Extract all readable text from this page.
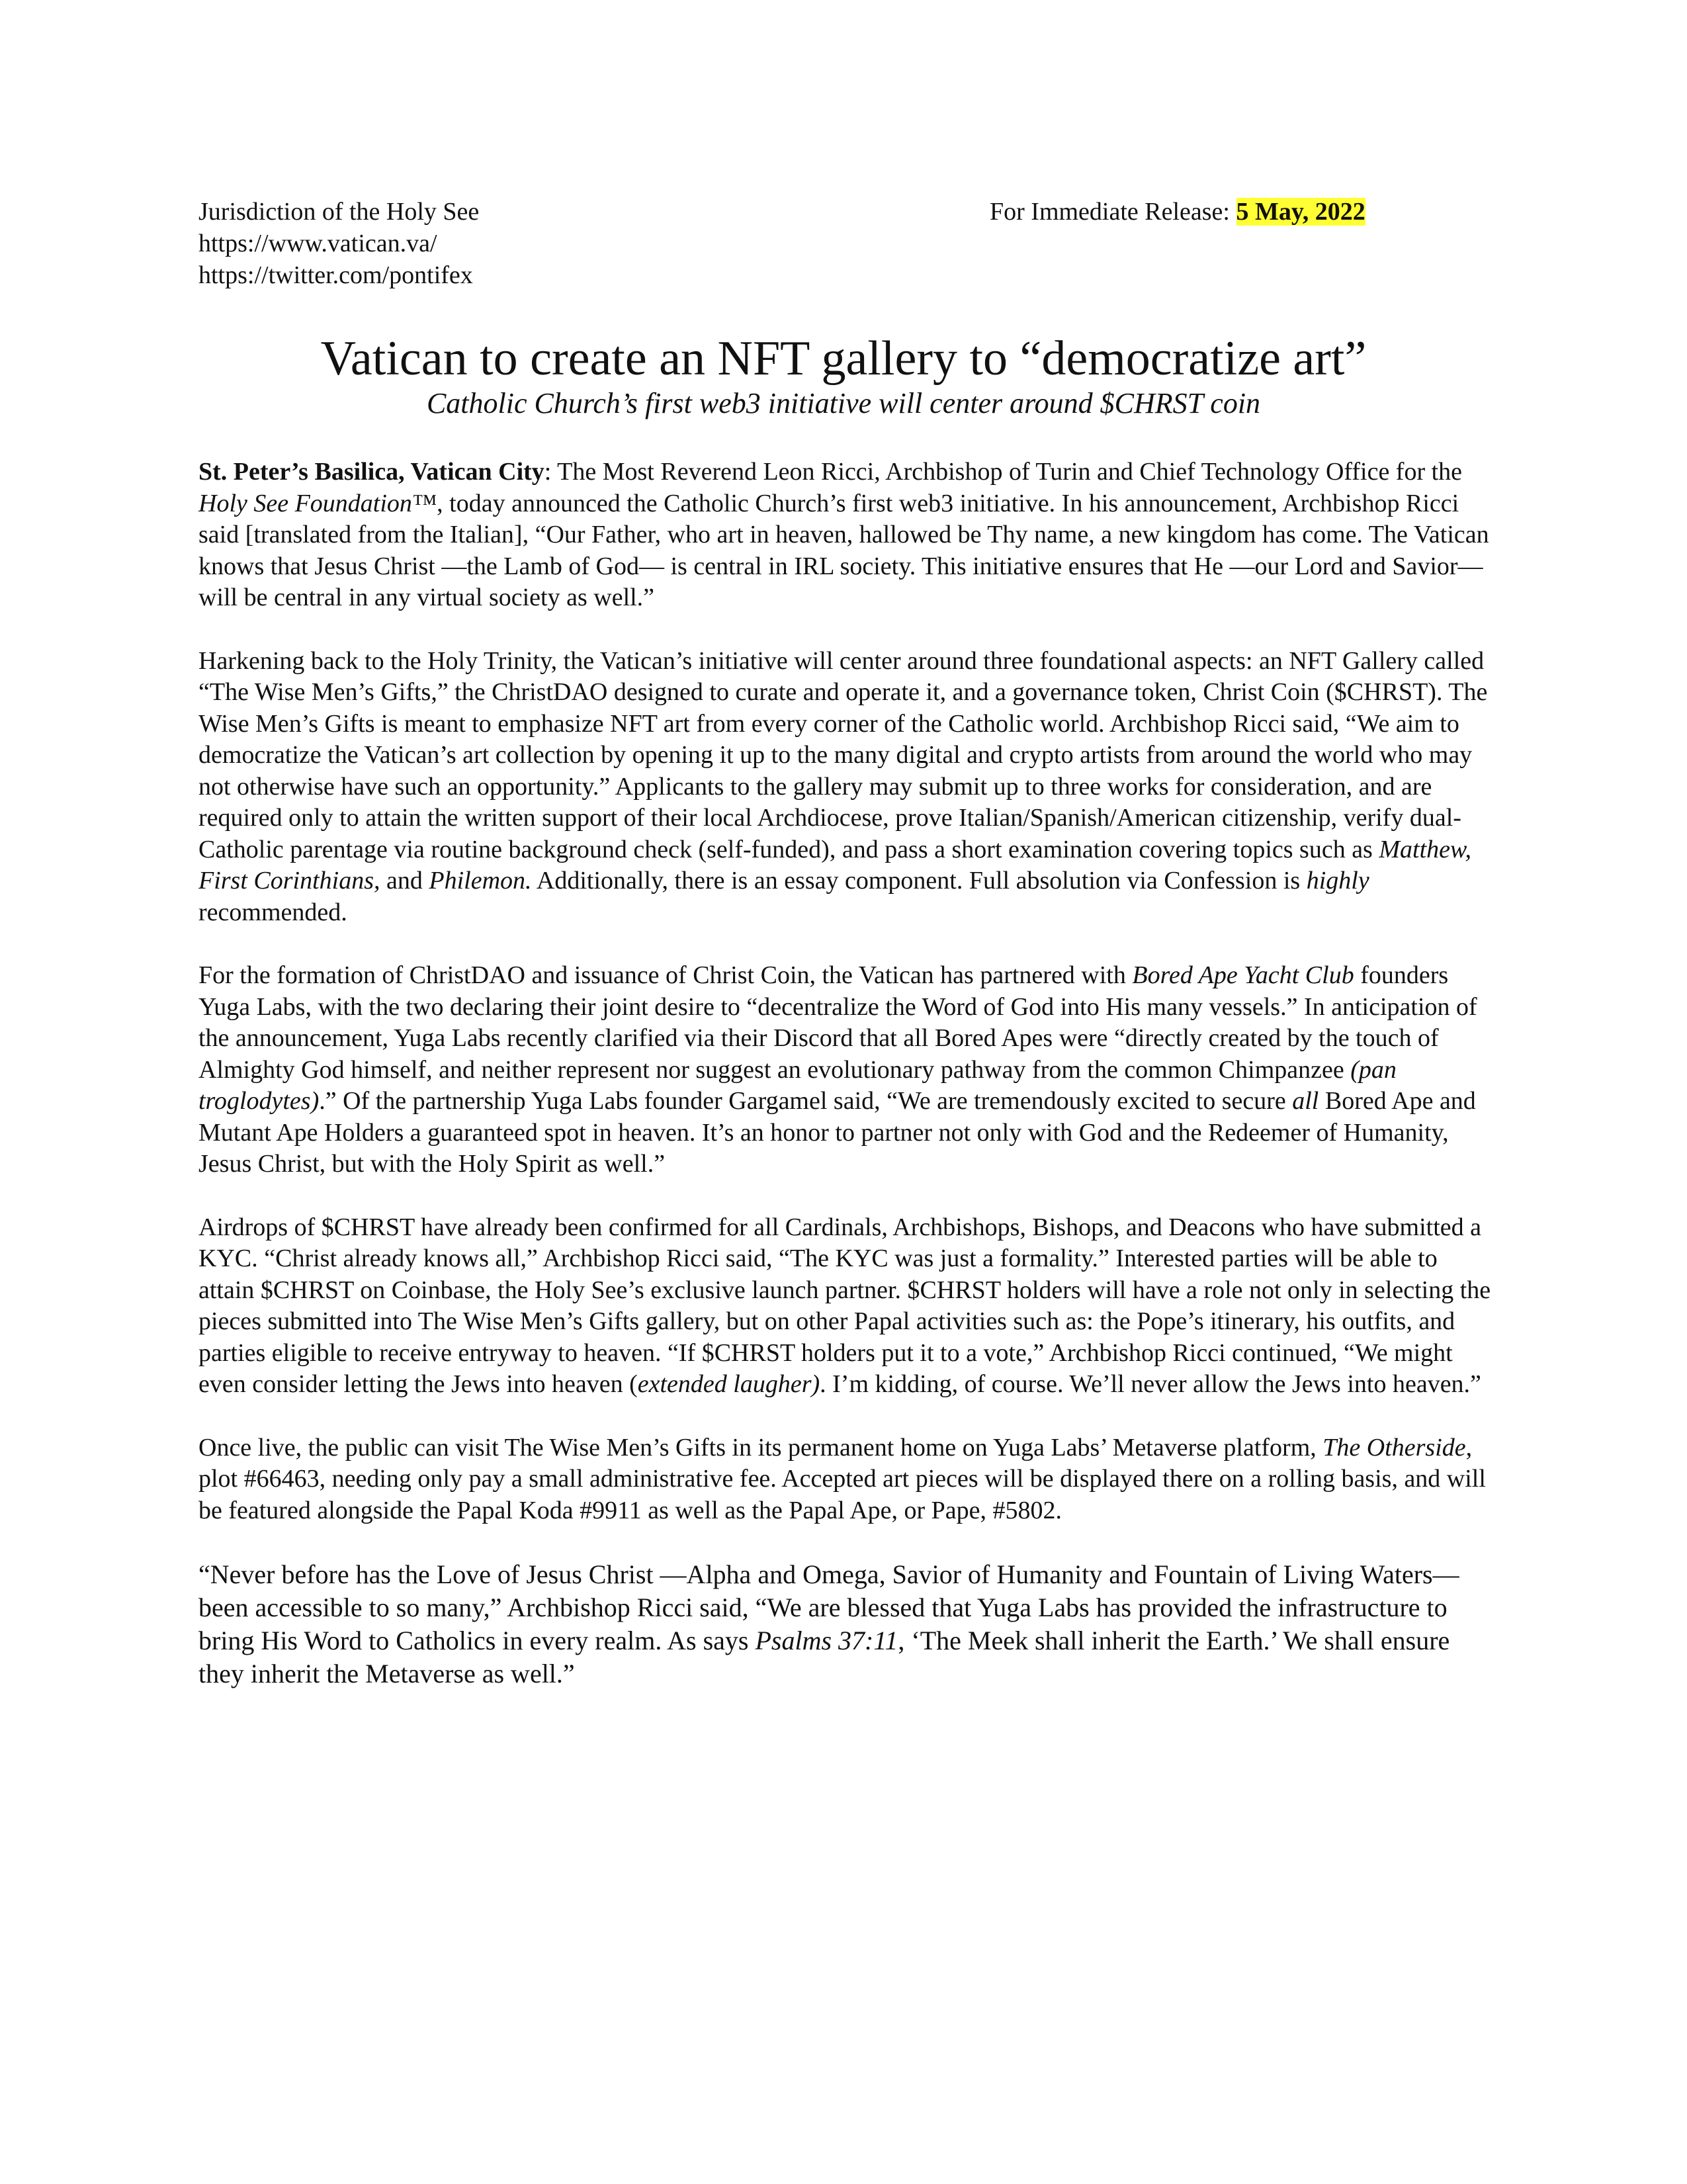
Jurisdiction of the Holy See
https://www.vatican.va/
https://twitter.com/pontifex
For Immediate Release: 5 May, 2022
Vatican to create an NFT gallery to “democratize art”
Catholic Church’s first web3 initiative will center around $CHRST coin

St. Peter’s Basilica, Vatican City: The Most Reverend Leon Ricci, Archbishop of Turin and Chief Technology Office for the Holy See Foundation™, today announced the Catholic Church’s first web3 initiative. In his announcement, Archbishop Ricci said [translated from the Italian], “Our Father, who art in heaven, hallowed be Thy name, a new kingdom has come. The Vatican knows that Jesus Christ —the Lamb of God— is central in IRL society. This initiative ensures that He —our Lord and Savior— will be central in any virtual society as well.”

Harkening back to the Holy Trinity, the Vatican’s initiative will center around three foundational aspects: an NFT Gallery called “The Wise Men’s Gifts,” the ChristDAO designed to curate and operate it, and a governance token, Christ Coin ($CHRST). The Wise Men’s Gifts is meant to emphasize NFT art from every corner of the Catholic world. Archbishop Ricci said, “We aim to democratize the Vatican’s art collection by opening it up to the many digital and crypto artists from around the world who may not otherwise have such an opportunity.” Applicants to the gallery may submit up to three works for consideration, and are required only to attain the written support of their local Archdiocese, prove Italian/Spanish/American citizenship, verify dual-Catholic parentage via routine background check (self-funded), and pass a short examination covering topics such as Matthew, First Corinthians, and Philemon. Additionally, there is an essay component. Full absolution via Confession is highly recommended.

For the formation of ChristDAO and issuance of Christ Coin, the Vatican has partnered with Bored Ape Yacht Club founders Yuga Labs, with the two declaring their joint desire to “decentralize the Word of God into His many vessels.” In anticipation of the announcement, Yuga Labs recently clarified via their Discord that all Bored Apes were “directly created by the touch of Almighty God himself, and neither represent nor suggest an evolutionary pathway from the common Chimpanzee (pan troglodytes).” Of the partnership Yuga Labs founder Gargamel said, “We are tremendously excited to secure all Bored Ape and Mutant Ape Holders a guaranteed spot in heaven. It’s an honor to partner not only with God and the Redeemer of Humanity, Jesus Christ, but with the Holy Spirit as well.”

Airdrops of $CHRST have already been confirmed for all Cardinals, Archbishops, Bishops, and Deacons who have submitted a KYC. “Christ already knows all,” Archbishop Ricci said, “The KYC was just a formality.” Interested parties will be able to attain $CHRST on Coinbase, the Holy See’s exclusive launch partner. $CHRST holders will have a role not only in selecting the pieces submitted into The Wise Men’s Gifts gallery, but on other Papal activities such as: the Pope’s itinerary, his outfits, and parties eligible to receive entryway to heaven. “If $CHRST holders put it to a vote,” Archbishop Ricci continued, “We might even consider letting the Jews into heaven (extended laugher). I’m kidding, of course. We’ll never allow the Jews into heaven.”

Once live, the public can visit The Wise Men’s Gifts in its permanent home on Yuga Labs’ Metaverse platform, The Otherside, plot #66463, needing only pay a small administrative fee. Accepted art pieces will be displayed there on a rolling basis, and will be featured alongside the Papal Koda #9911 as well as the Papal Ape, or Pape, #5802.

“Never before has the Love of Jesus Christ —Alpha and Omega, Savior of Humanity and Fountain of Living Waters— been accessible to so many,” Archbishop Ricci said, “We are blessed that Yuga Labs has provided the infrastructure to bring His Word to Catholics in every realm. As says Psalms 37:11, ‘The Meek shall inherit the Earth.’ We shall ensure they inherit the Metaverse as well.”
